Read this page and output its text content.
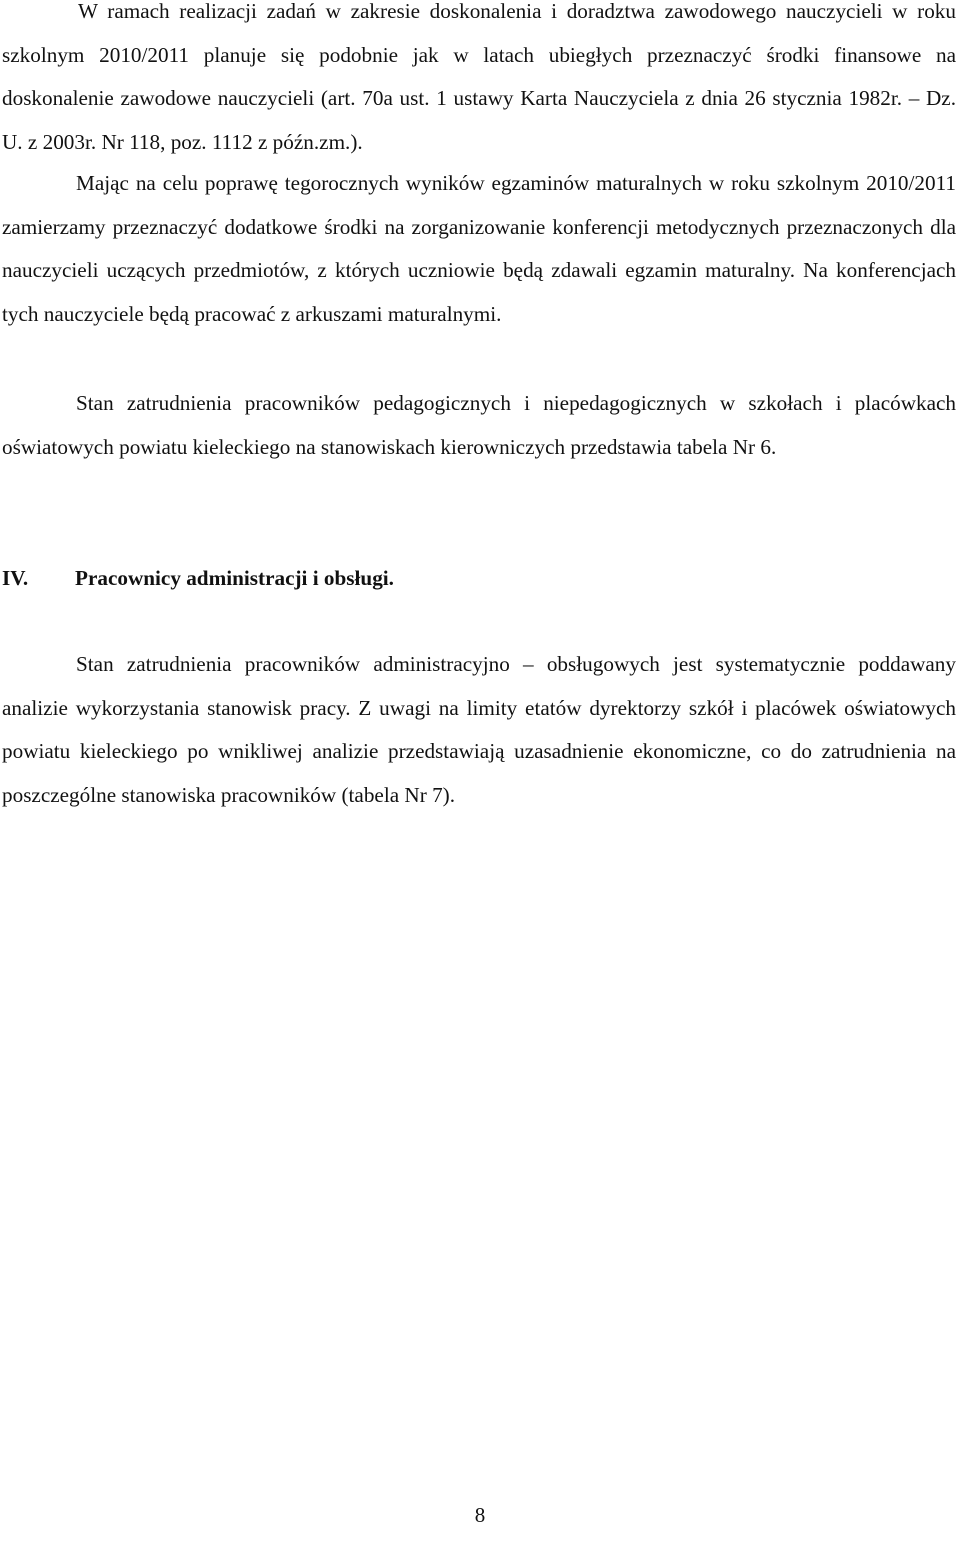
W ramach realizacji zadań w zakresie doskonalenia i doradztwa zawodowego nauczycieli w roku szkolnym 2010/2011 planuje się podobnie jak w latach ubiegłych przeznaczyć środki finansowe na doskonalenie zawodowe nauczycieli (art. 70a ust. 1 ustawy Karta Nauczyciela z dnia 26 stycznia 1982r. – Dz. U. z 2003r. Nr 118, poz. 1112 z późn.zm.).

Mając na celu poprawę tegorocznych wyników egzaminów maturalnych w roku szkolnym 2010/2011 zamierzamy przeznaczyć dodatkowe środki na zorganizowanie konferencji metodycznych przeznaczonych dla nauczycieli uczących przedmiotów, z których uczniowie będą zdawali egzamin maturalny. Na konferencjach tych nauczyciele będą pracować z arkuszami maturalnymi.

Stan zatrudnienia pracowników pedagogicznych i niepedagogicznych w szkołach i placówkach oświatowych powiatu kieleckiego na stanowiskach kierowniczych przedstawia tabela Nr 6.

IV. Pracownicy administracji i obsługi.

Stan zatrudnienia pracowników administracyjno – obsługowych jest systematycznie poddawany analizie wykorzystania stanowisk pracy. Z uwagi na limity etatów dyrektorzy szkół i placówek oświatowych powiatu kieleckiego po wnikliwej analizie przedstawiają uzasadnienie ekonomiczne, co do zatrudnienia na poszczególne stanowiska pracowników (tabela Nr 7).

8
